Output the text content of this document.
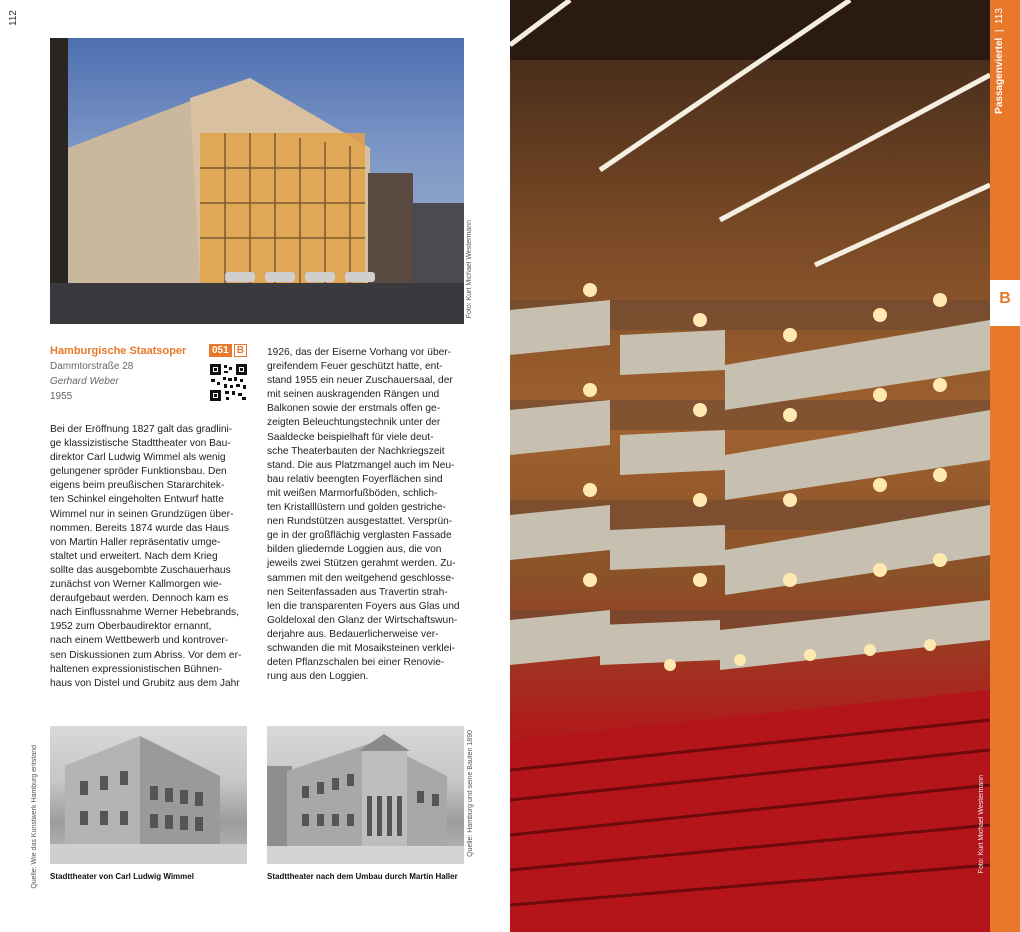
112
Foto: Kurt Michael Westermann
Hamburgische Staatsoper
Dammtorstraße 28
Gerhard Weber
1955
051 B

Bei der Eröffnung 1827 galt das gradlini-

ge klassizistische Stadttheater von Bau-

direktor Carl Ludwig Wimmel als wenig

gelungener spröder Funktionsbau. Den

eigens beim preußischen Stararchitek-

ten Schinkel eingeholten Entwurf hatte

Wimmel nur in seinen Grundzügen über-

nommen. Bereits 1874 wurde das Haus

von Martin Haller repräsentativ umge-

staltet und erweitert. Nach dem Krieg

sollte das ausgebombte Zuschauerhaus

zunächst von Werner Kallmorgen wie-

deraufgebaut werden. Dennoch kam es

nach Einflussnahme Werner Hebebrands,

1952 zum Oberbaudirektor ernannt,

nach einem Wettbewerb und kontrover-

sen Diskussionen zum Abriss. Vor dem er-

haltenen expressionistischen Bühnen-

haus von Distel und Grubitz aus dem Jahr

1926, das der Eiserne Vorhang vor über-

greifendem Feuer geschützt hatte, ent-

stand 1955 ein neuer Zuschauersaal, der

mit seinen auskragenden Rängen und

Balkonen sowie der erstmals offen ge-

zeigten Beleuchtungstechnik unter der

Saaldecke beispielhaft für viele deut-

sche Theaterbauten der Nachkriegszeit

stand. Die aus Platzmangel auch im Neu-

bau relativ beengten Foyerflächen sind

mit weißen Marmorfußböden, schlich-

ten Kristalllüstern und golden gestriche-

nen Rundstützen ausgestattet. Versprün-

ge in der großflächig verglasten Fassade

bilden gliedernde Loggien aus, die von

jeweils zwei Stützen gerahmt werden. Zu-

sammen mit den weitgehend geschlosse-

nen Seitenfassaden aus Travertin strah-

len die transparenten Foyers aus Glas und

Goldeloxal den Glanz der Wirtschaftswun-

derjahre aus. Bedauerlicherweise ver-

schwanden die mit Mosaiksteinen verklei-

deten Pflanzschalen bei einer Renovie-

rung aus den Loggien.

Quelle: Wie das Kunstwerk Hamburg entstand	Quelle: Hamburg und seine Bauten 1890
Stadttheater von Carl Ludwig Wimmel	Stadttheater nach dem Umbau durch Martin Haller
Foto: Kurt Michael Westermann
Passagenviertel  |  113
B
